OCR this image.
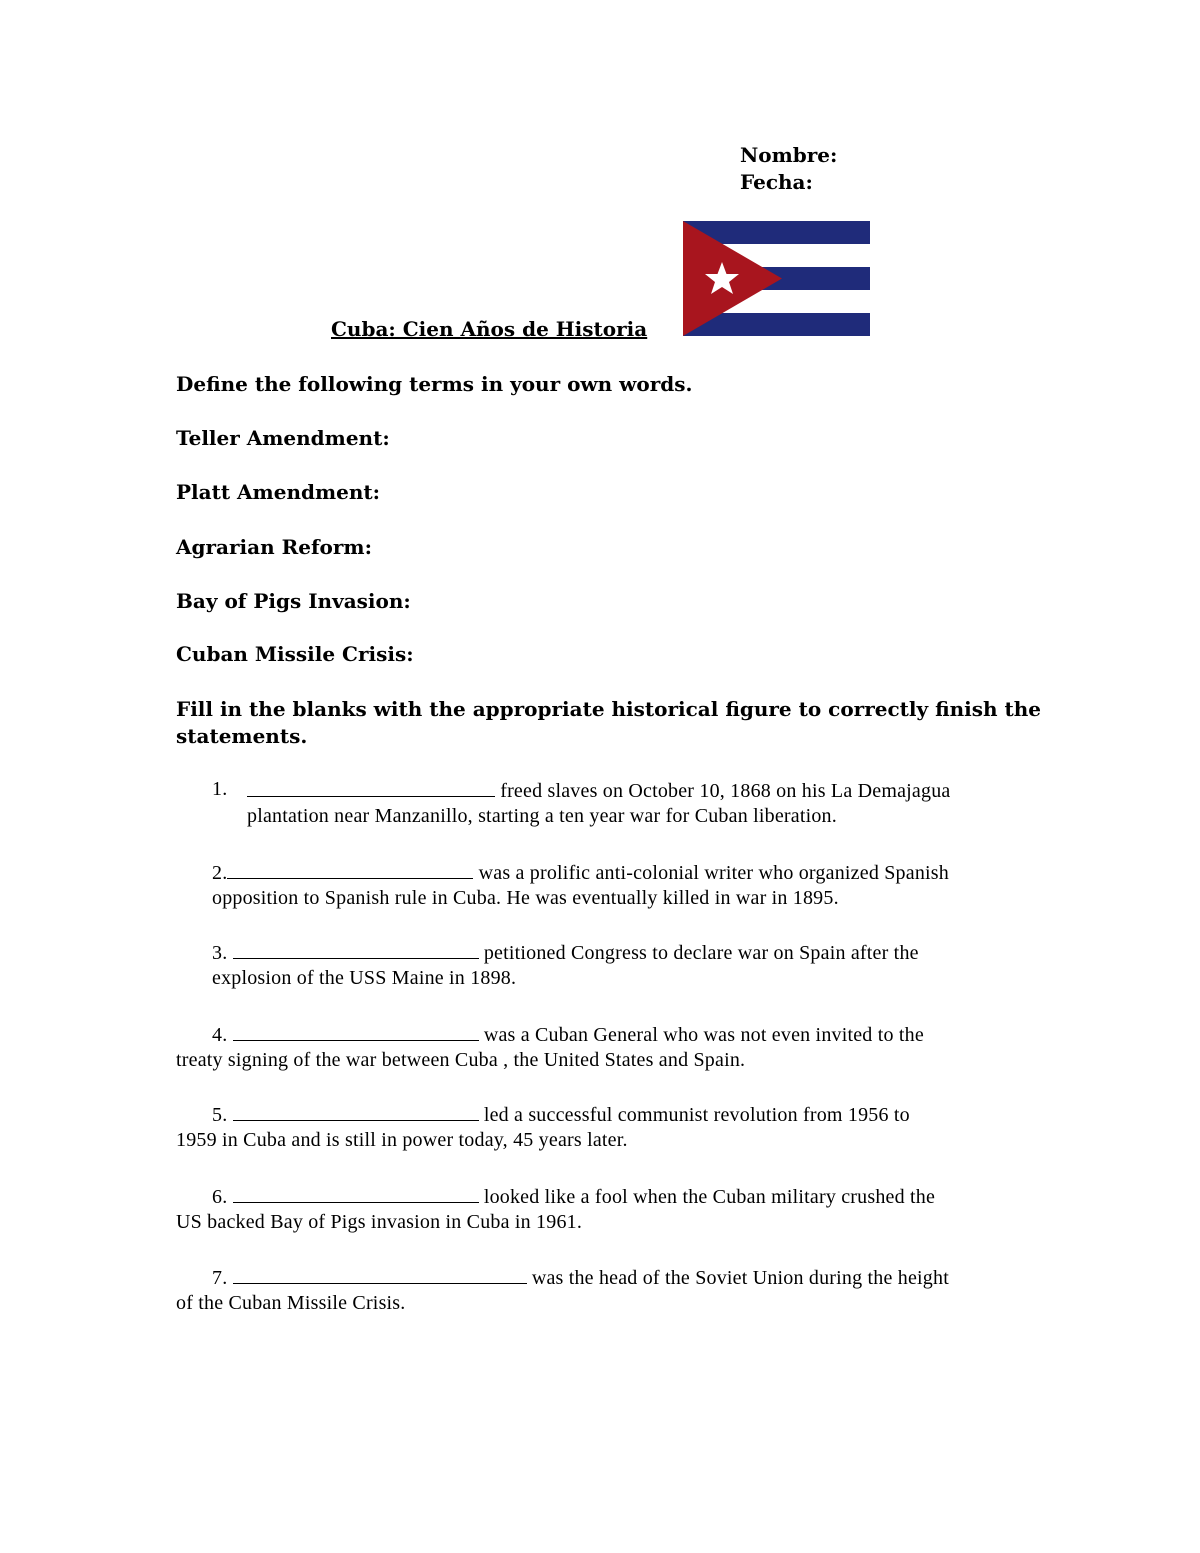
Nombre:
Fecha:
Cuba: Cien Años de Historia
Define the following terms in your own words.
Teller Amendment:
Platt Amendment:
Agrarian Reform:
Bay of Pigs Invasion:
Cuban Missile Crisis:
Fill in the blanks with the appropriate historical figure to correctly finish the
statements.
1.	freed slaves on October 10, 1868 on his La Demajagua
plantation near Manzanillo, starting a ten year war for Cuban liberation.
2.	was a prolific anti-colonial writer who organized Spanish
opposition to Spanish rule in Cuba. He was eventually killed in war in 1895.
3.	petitioned Congress to declare war on Spain after the
explosion of the USS Maine in 1898.
4.	was a Cuban General who was not even invited to the
treaty signing of the war between Cuba , the United States and Spain.
5.	led a successful communist revolution from 1956 to
1959 in Cuba and is still in power today, 45 years later.
6.	looked like a fool when the Cuban military crushed the
US backed Bay of Pigs invasion in Cuba in 1961.
7.	was the head of the Soviet Union during the height
of the Cuban Missile Crisis.
